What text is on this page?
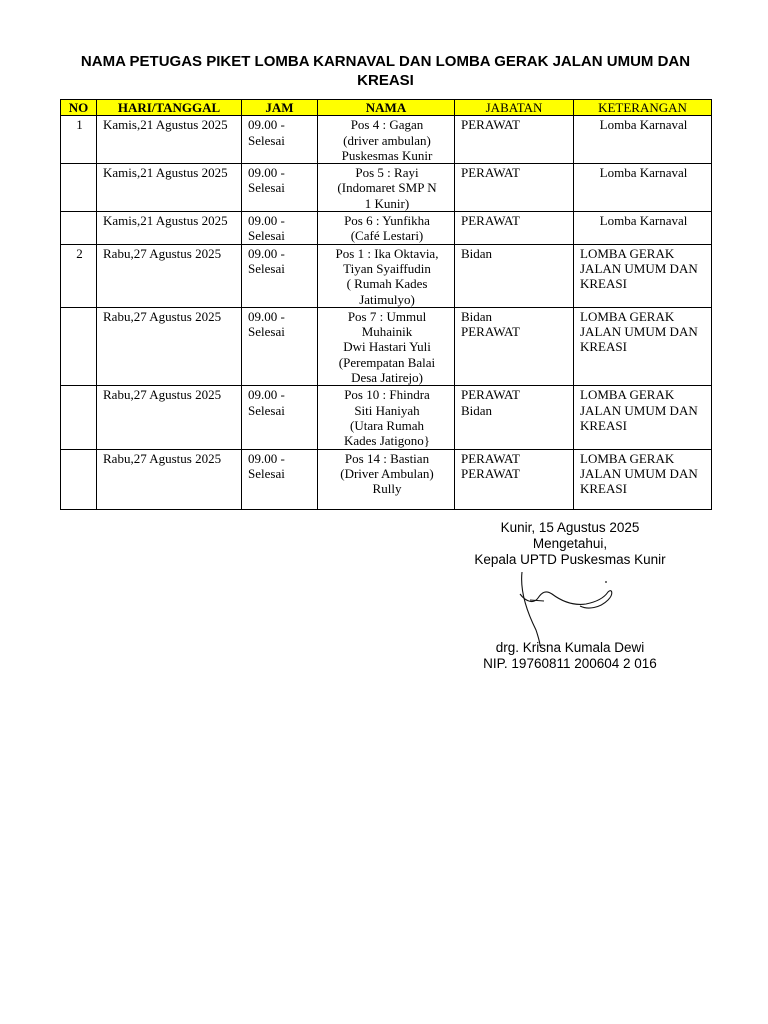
NAMA PETUGAS PIKET LOMBA KARNAVAL DAN LOMBA GERAK JALAN UMUM DAN KREASI
NO	HARI/TANGGAL	JAM	NAMA	JABATAN	KETERANGAN
1	Kamis,21 Agustus 2025	09.00 - Selesai	Pos 4 : Gagan
(driver ambulan)
Puskesmas Kunir	PERAWAT	Lomba Karnaval
	Kamis,21 Agustus 2025	09.00 - Selesai	Pos 5 : Rayi
(Indomaret SMP N
1 Kunir)	PERAWAT	Lomba Karnaval
	Kamis,21 Agustus 2025	09.00 - Selesai	Pos 6 : Yunfikha
(Café Lestari)	PERAWAT	Lomba Karnaval
2	Rabu,27 Agustus 2025	09.00 - Selesai	Pos 1 : Ika Oktavia,
Tiyan Syaiffudin
( Rumah Kades
Jatimulyo)	Bidan	LOMBA GERAK JALAN UMUM DAN KREASI
	Rabu,27 Agustus 2025	09.00 - Selesai	Pos 7 : Ummul
Muhainik
Dwi Hastari Yuli
(Perempatan Balai
Desa Jatirejo)	Bidan
PERAWAT	LOMBA GERAK JALAN UMUM DAN KREASI
	Rabu,27 Agustus 2025	09.00 - Selesai	Pos 10 : Fhindra
Siti Haniyah
(Utara Rumah
Kades Jatigono}	PERAWAT
Bidan	LOMBA GERAK JALAN UMUM DAN KREASI
	Rabu,27 Agustus 2025	09.00 - Selesai	Pos 14 : Bastian
(Driver Ambulan)
Rully	PERAWAT
PERAWAT	LOMBA GERAK JALAN UMUM DAN KREASI
Kunir, 15 Agustus 2025
Mengetahui,
Kepala UPTD Puskesmas Kunir
drg. Krisna Kumala Dewi
NIP. 19760811 200604 2 016
